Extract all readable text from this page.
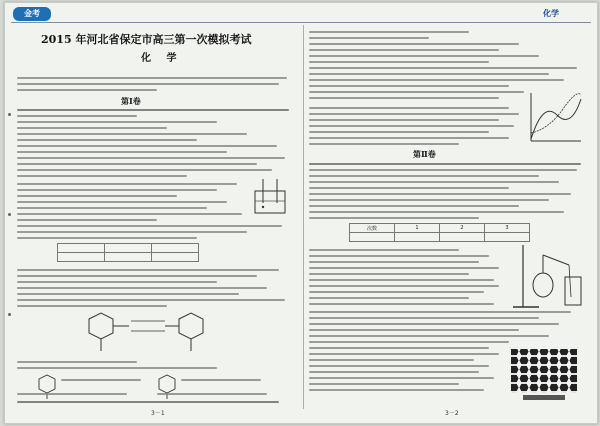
金考	化学
2015 年河北省保定市高三第一次模拟考试
化 学
第Ⅰ卷

第Ⅱ卷
次数	1	2	3

3－1	3－2
